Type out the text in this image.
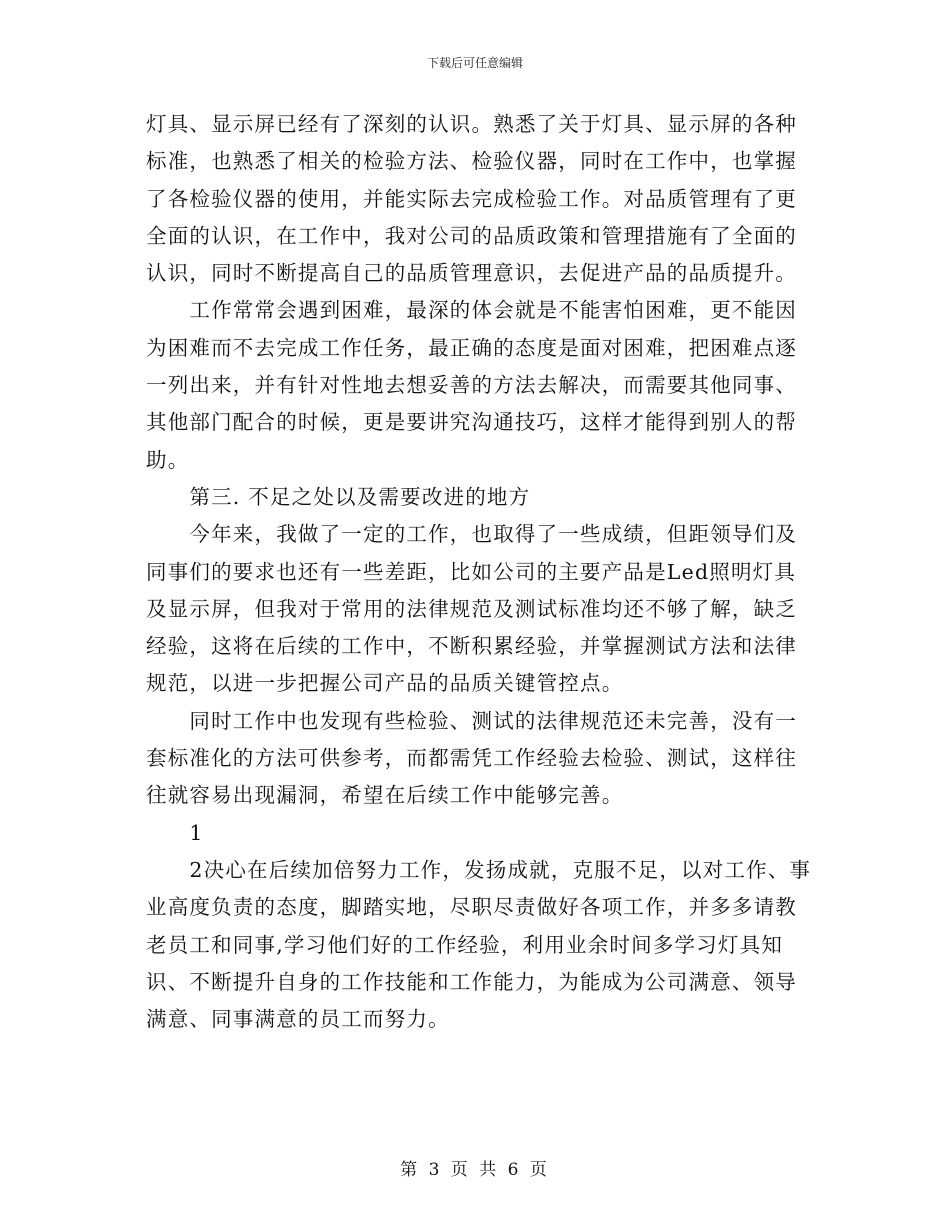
下载后可任意编辑

灯具、显示屏已经有了深刻的认识。熟悉了关于灯具、显示屏的各种标准，也熟悉了相关的检验方法、检验仪器，同时在工作中，也掌握了各检验仪器的使用，并能实际去完成检验工作。对品质管理有了更全面的认识，在工作中，我对公司的品质政策和管理措施有了全面的认识，同时不断提高自己的品质管理意识，去促进产品的品质提升。

　　工作常常会遇到困难，最深的体会就是不能害怕困难，更不能因为困难而不去完成工作任务，最正确的态度是面对困难，把困难点逐一列出来，并有针对性地去想妥善的方法去解决，而需要其他同事、其他部门配合的时候，更是要讲究沟通技巧，这样才能得到别人的帮助。

　　第三. 不足之处以及需要改进的地方

　　今年来，我做了一定的工作，也取得了一些成绩，但距领导们及同事们的要求也还有一些差距，比如公司的主要产品是Led照明灯具及显示屏，但我对于常用的法律规范及测试标准均还不够了解，缺乏经验，这将在后续的工作中，不断积累经验，并掌握测试方法和法律规范，以进一步把握公司产品的品质关键管控点。

　　同时工作中也发现有些检验、测试的法律规范还未完善，没有一套标准化的方法可供参考，而都需凭工作经验去检验、测试，这样往往就容易出现漏洞，希望在后续工作中能够完善。

　　1

　　2决心在后续加倍努力工作，发扬成就，克服不足，以对工作、事业高度负责的态度，脚踏实地，尽职尽责做好各项工作，并多多请教老员工和同事,学习他们好的工作经验，利用业余时间多学习灯具知识、不断提升自身的工作技能和工作能力，为能成为公司满意、领导满意、同事满意的员工而努力。

第 3 页 共 6 页
